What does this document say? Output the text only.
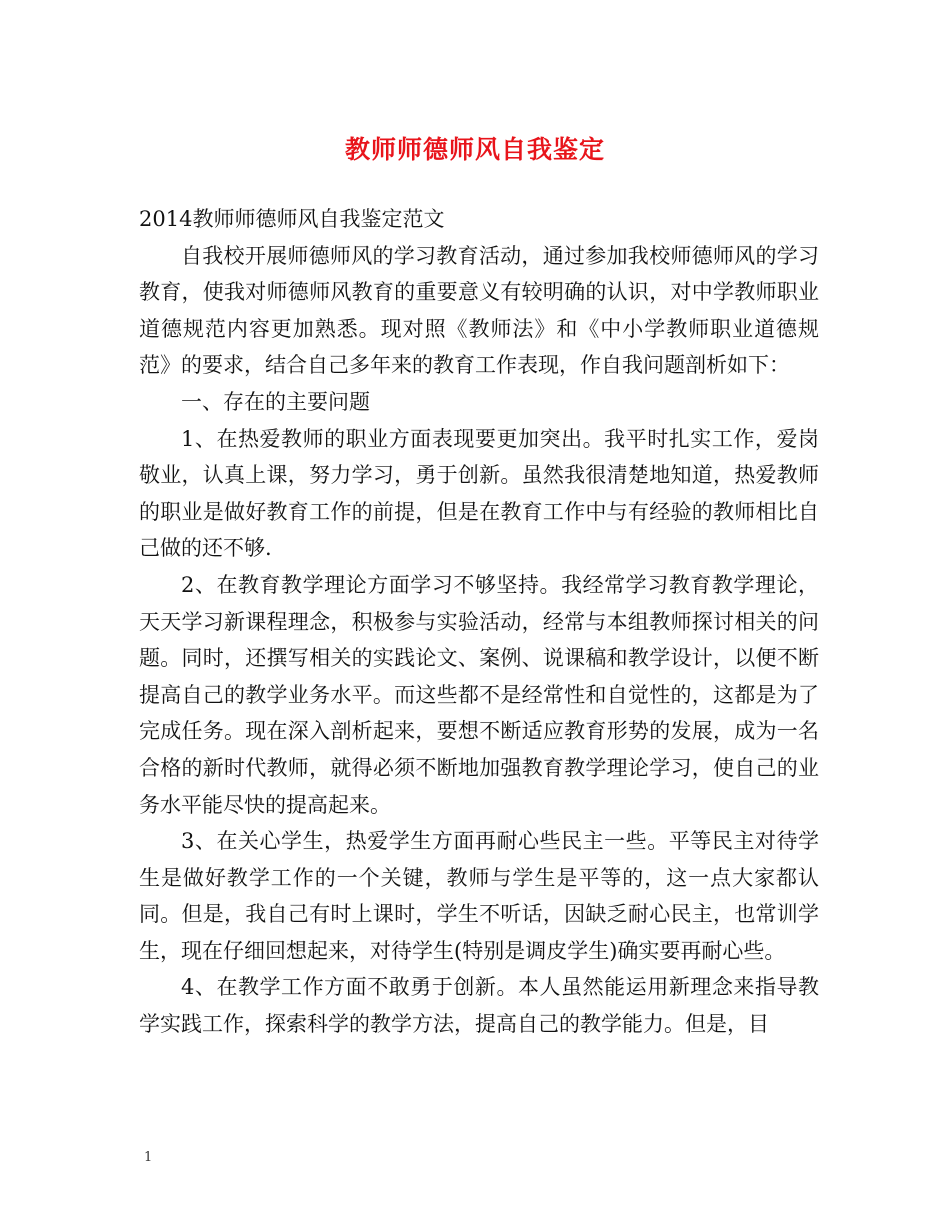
教师师德师风自我鉴定

2014教师师德师风自我鉴定范文

自我校开展师德师风的学习教育活动，通过参加我校师德师风的学习教育，使我对师德师风教育的重要意义有较明确的认识，对中学教师职业道德规范内容更加熟悉。现对照《教师法》和《中小学教师职业道德规范》的要求，结合自己多年来的教育工作表现，作自我问题剖析如下：

一、存在的主要问题

1、在热爱教师的职业方面表现要更加突出。我平时扎实工作，爱岗敬业，认真上课，努力学习，勇于创新。虽然我很清楚地知道，热爱教师的职业是做好教育工作的前提，但是在教育工作中与有经验的教师相比自己做的还不够.

2、在教育教学理论方面学习不够坚持。我经常学习教育教学理论，天天学习新课程理念，积极参与实验活动，经常与本组教师探讨相关的问题。同时，还撰写相关的实践论文、案例、说课稿和教学设计，以便不断提高自己的教学业务水平。而这些都不是经常性和自觉性的，这都是为了完成任务。现在深入剖析起来，要想不断适应教育形势的发展，成为一名合格的新时代教师，就得必须不断地加强教育教学理论学习，使自己的业务水平能尽快的提高起来。

3、在关心学生，热爱学生方面再耐心些民主一些。平等民主对待学生是做好教学工作的一个关键，教师与学生是平等的，这一点大家都认同。但是，我自己有时上课时，学生不听话，因缺乏耐心民主，也常训学生，现在仔细回想起来，对待学生(特别是调皮学生)确实要再耐心些。

4、在教学工作方面不敢勇于创新。本人虽然能运用新理念来指导教学实践工作，探索科学的教学方法，提高自己的教学能力。但是，目

1
